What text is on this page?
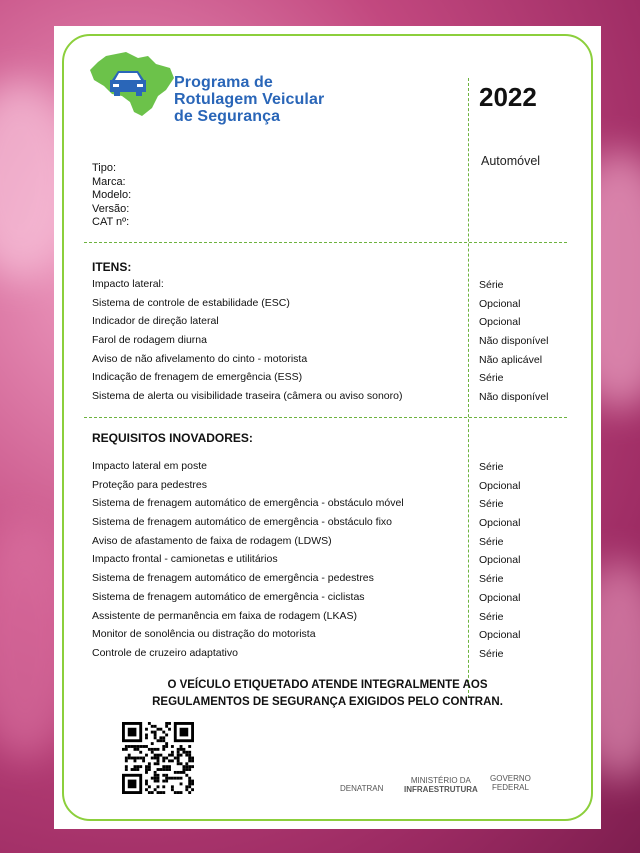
Programa de
Rotulagem Veicular
de Segurança
2022
Automóvel
Tipo:
Marca:
Modelo:
Versão:
CAT nº:
ITENS:
Impacto lateral:	Série
Sistema de controle de estabilidade (ESC)	Opcional
Indicador de direção lateral	Opcional
Farol de rodagem diurna	Não disponível
Aviso de não afivelamento do cinto - motorista	Não aplicável
Indicação de frenagem de emergência (ESS)	Série
Sistema de alerta ou visibilidade traseira (câmera ou aviso sonoro)	Não disponível
REQUISITOS INOVADORES:
Impacto lateral em poste	Série
Proteção para pedestres	Opcional
Sistema de frenagem automático de emergência - obstáculo móvel	Série
Sistema de frenagem automático de emergência - obstáculo fixo	Opcional
Aviso de afastamento de faixa de rodagem (LDWS)	Série
Impacto frontal - camionetas e utilitários	Opcional
Sistema de frenagem automático de emergência - pedestres	Série
Sistema de frenagem automático de emergência - ciclistas	Opcional
Assistente de permanência em faixa de rodagem (LKAS)	Série
Monitor de sonolência ou distração do motorista	Opcional
Controle de cruzeiro adaptativo	Série
O VEÍCULO ETIQUETADO ATENDE INTEGRALMENTE AOS
REGULAMENTOS DE SEGURANÇA EXIGIDOS PELO CONTRAN.
DENATRAN
MINISTÉRIO DA
INFRAESTRUTURA
GOVERNO
FEDERAL
